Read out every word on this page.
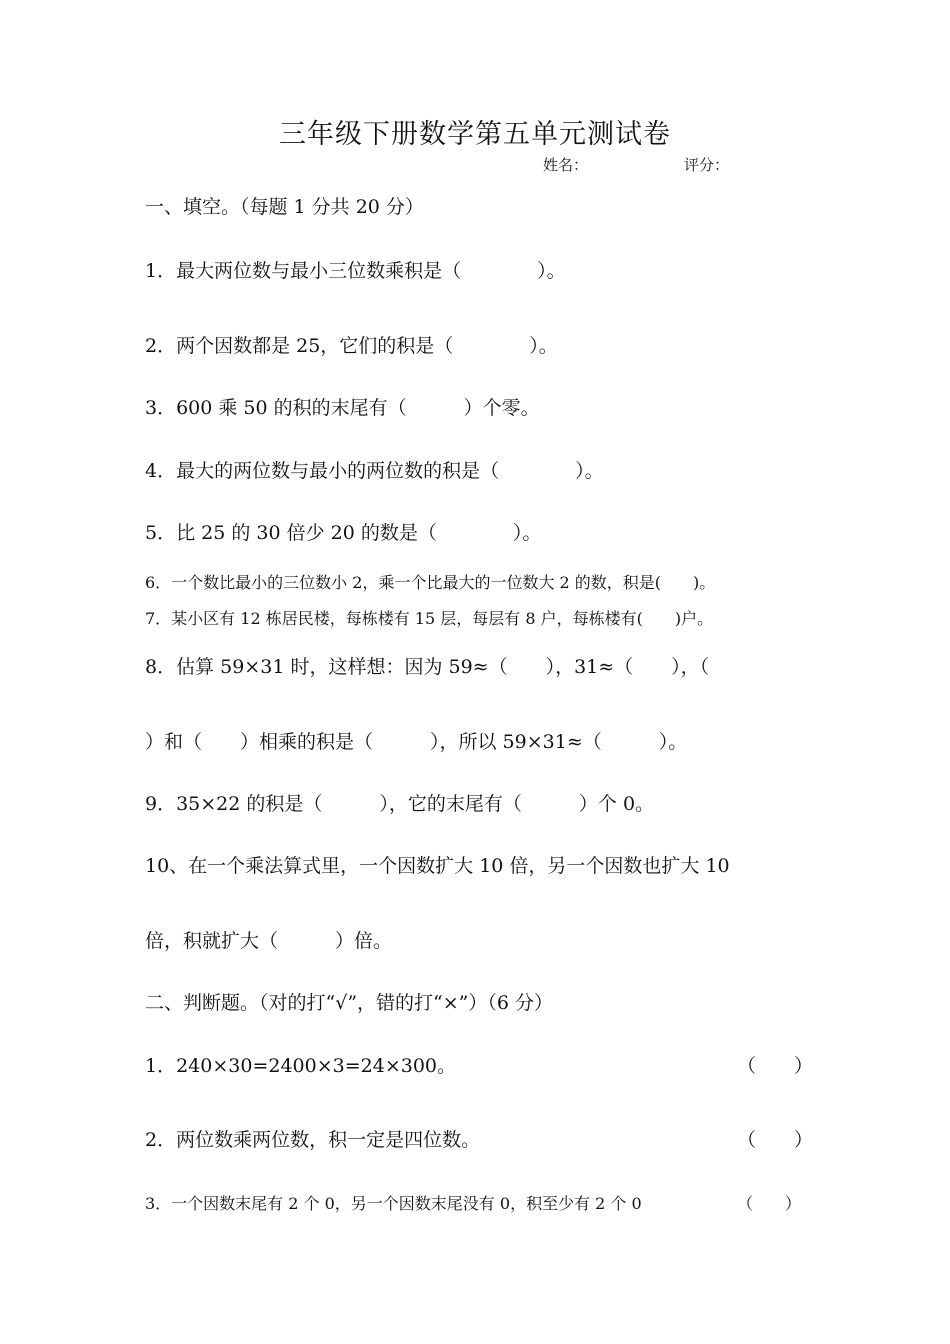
三年级下册数学第五单元测试卷
姓名：	评分：
一、填空。（每题 1 分共 20 分）
1．最大两位数与最小三位数乘积是（　　　　）。
2．两个因数都是 25，它们的积是（　　　　）。
3．600 乘 50 的积的末尾有（　　　）个零。
4．最大的两位数与最小的两位数的积是（　　　　）。
5．比 25 的 30 倍少 20 的数是（　　　　）。
6．一个数比最小的三位数小 2，乘一个比最大的一位数大 2 的数，积是(　　)。
7．某小区有 12 栋居民楼，每栋楼有 15 层，每层有 8 户，每栋楼有(　　)户。
8．估算 59×31 时，这样想：因为 59≈（　　），31≈（　　），（
）和（　　）相乘的积是（　　　），所以 59×31≈（　　　）。
9．35×22 的积是（　　　），它的末尾有（　　　）个 0。
10、在一个乘法算式里，一个因数扩大 10 倍，另一个因数也扩大 10
倍，积就扩大（　　　）倍。
二、判断题。（对的打“√”，错的打“×”）（6 分）
1．240×30=2400×3=24×300。	（　　）
2．两位数乘两位数，积一定是四位数。	（　　）
3．一个因数末尾有 2 个 0，另一个因数末尾没有 0，积至少有 2 个 0	（　　）
